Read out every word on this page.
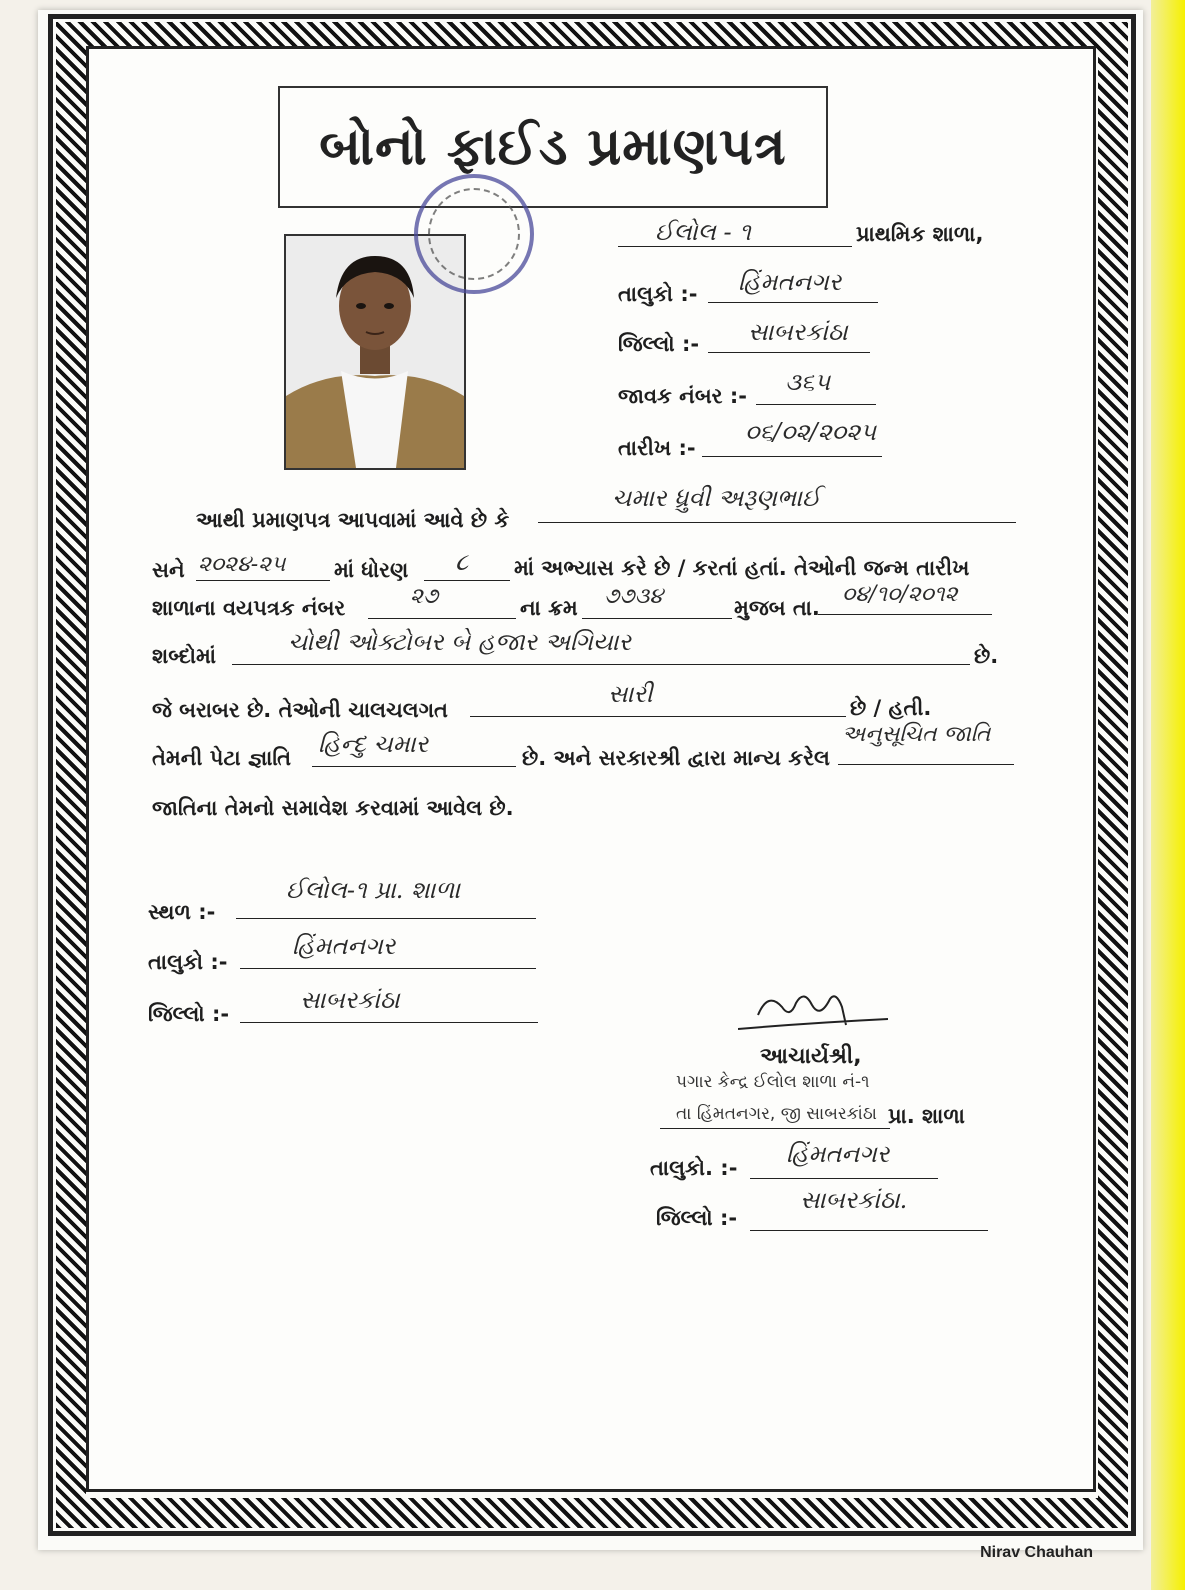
બોનો ફાઈડ પ્રમાણપત્ર
ઈલોલ - ૧	પ્રાથમિક શાળા,
તાલુકો :- હિંમતનગર
જિલ્લો :- સાબરકાંઠા
જાવક નંબર :- ૩૬૫
તારીખ :-
૦૬/૦૨/૨૦૨૫
આથી પ્રમાણપત્ર આપવામાં આવે છે કે
ચમાર ધ્રુવી અરૂણભાઈ
સને ૨૦૨૪-૨૫ માં ધોરણ ૮ માં અભ્યાસ કરે છે / કરતાં હતાં. તેઓની જન્મ તારીખ
શાળાના વયપત્રક નંબર	૨૭	ના ક્રમ ૭૭૩૪	મુજબ તા.
૦૪/૧૦/૨૦૧૨
શબ્દોમાં	ચોથી ઓક્ટોબર બે હજાર અગિયાર	છે.
જે બરાબર છે. તેઓની ચાલચલગત
સારી	છે / હતી.
તેમની પેટા જ્ઞાતિ હિન્દુ ચમાર	છે. અને સરકારશ્રી દ્વારા માન્ય કરેલ
અનુસૂચિત જાતિ
જાતિના તેમનો સમાવેશ કરવામાં આવેલ છે.
સ્થળ :-
ઈલોલ-૧ પ્રા. શાળા
તાલુકો :-
હિંમતનગર
જિલ્લો :-	સાબરકાંઠા
આચાર્યશ્રી,
પગાર કેન્દ્ર ઈલોલ શાળા નં-૧
તા હિંમતનગર, જી સાબરકાંઠા પ્રા. શાળા
તાલુકો. :- હિંમતનગર
જિલ્લો :-
સાબરકાંઠા.
Nirav Chauhan
